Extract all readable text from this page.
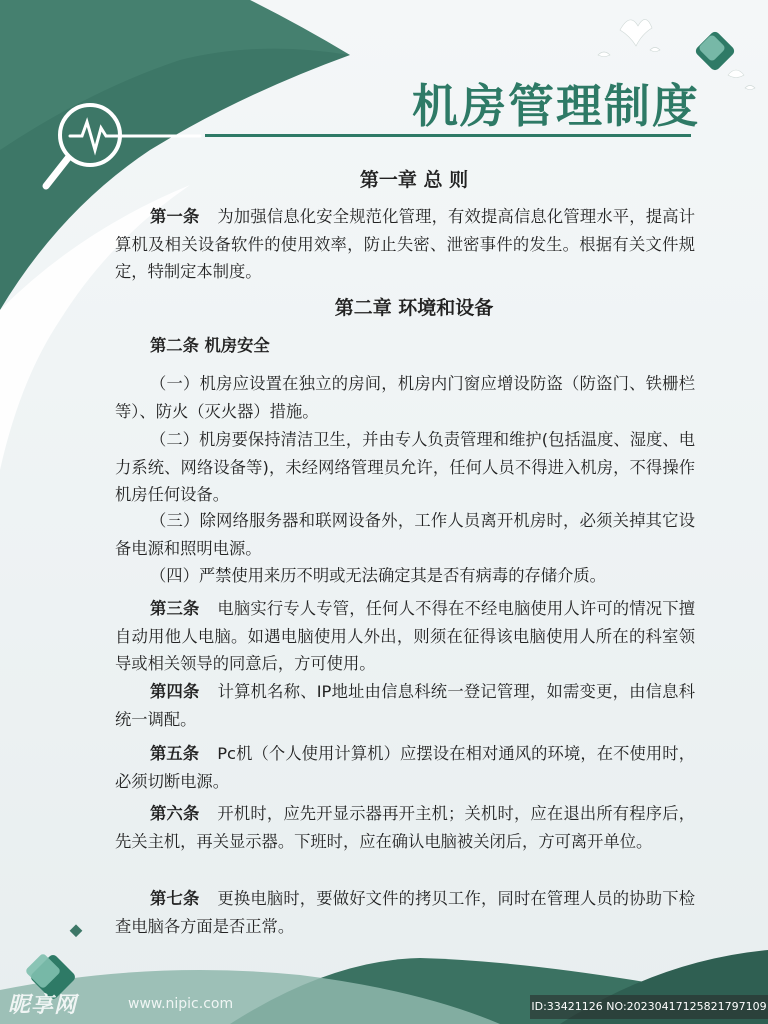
机房管理制度
第一章 总 则
第一条 为加强信息化安全规范化管理，有效提高信息化管理水平，提高计算机及相关设备软件的使用效率，防止失密、泄密事件的发生。根据有关文件规定，特制定本制度。
第二章 环境和设备
第二条 机房安全
（一）机房应设置在独立的房间，机房内门窗应增设防盗（防盗门、铁栅栏等）、防火（灭火器）措施。
（二）机房要保持清洁卫生，并由专人负责管理和维护(包括温度、湿度、电力系统、网络设备等)，未经网络管理员允许，任何人员不得进入机房，不得操作机房任何设备。
（三）除网络服务器和联网设备外，工作人员离开机房时，必须关掉其它设备电源和照明电源。
（四）严禁使用来历不明或无法确定其是否有病毒的存储介质。
第三条 电脑实行专人专管，任何人不得在不经电脑使用人许可的情况下擅自动用他人电脑。如遇电脑使用人外出，则须在征得该电脑使用人所在的科室领导或相关领导的同意后，方可使用。
第四条 计算机名称、IP地址由信息科统一登记管理，如需变更，由信息科统一调配。
第五条 Pc机（个人使用计算机）应摆设在相对通风的环境，在不使用时，必须切断电源。
第六条 开机时，应先开显示器再开主机；关机时，应在退出所有程序后，先关主机，再关显示器。下班时，应在确认电脑被关闭后，方可离开单位。
第七条 更换电脑时，要做好文件的拷贝工作，同时在管理人员的协助下检查电脑各方面是否正常。
昵享网	www.nipic.com	ID:33421126 NO:20230417125821797109
